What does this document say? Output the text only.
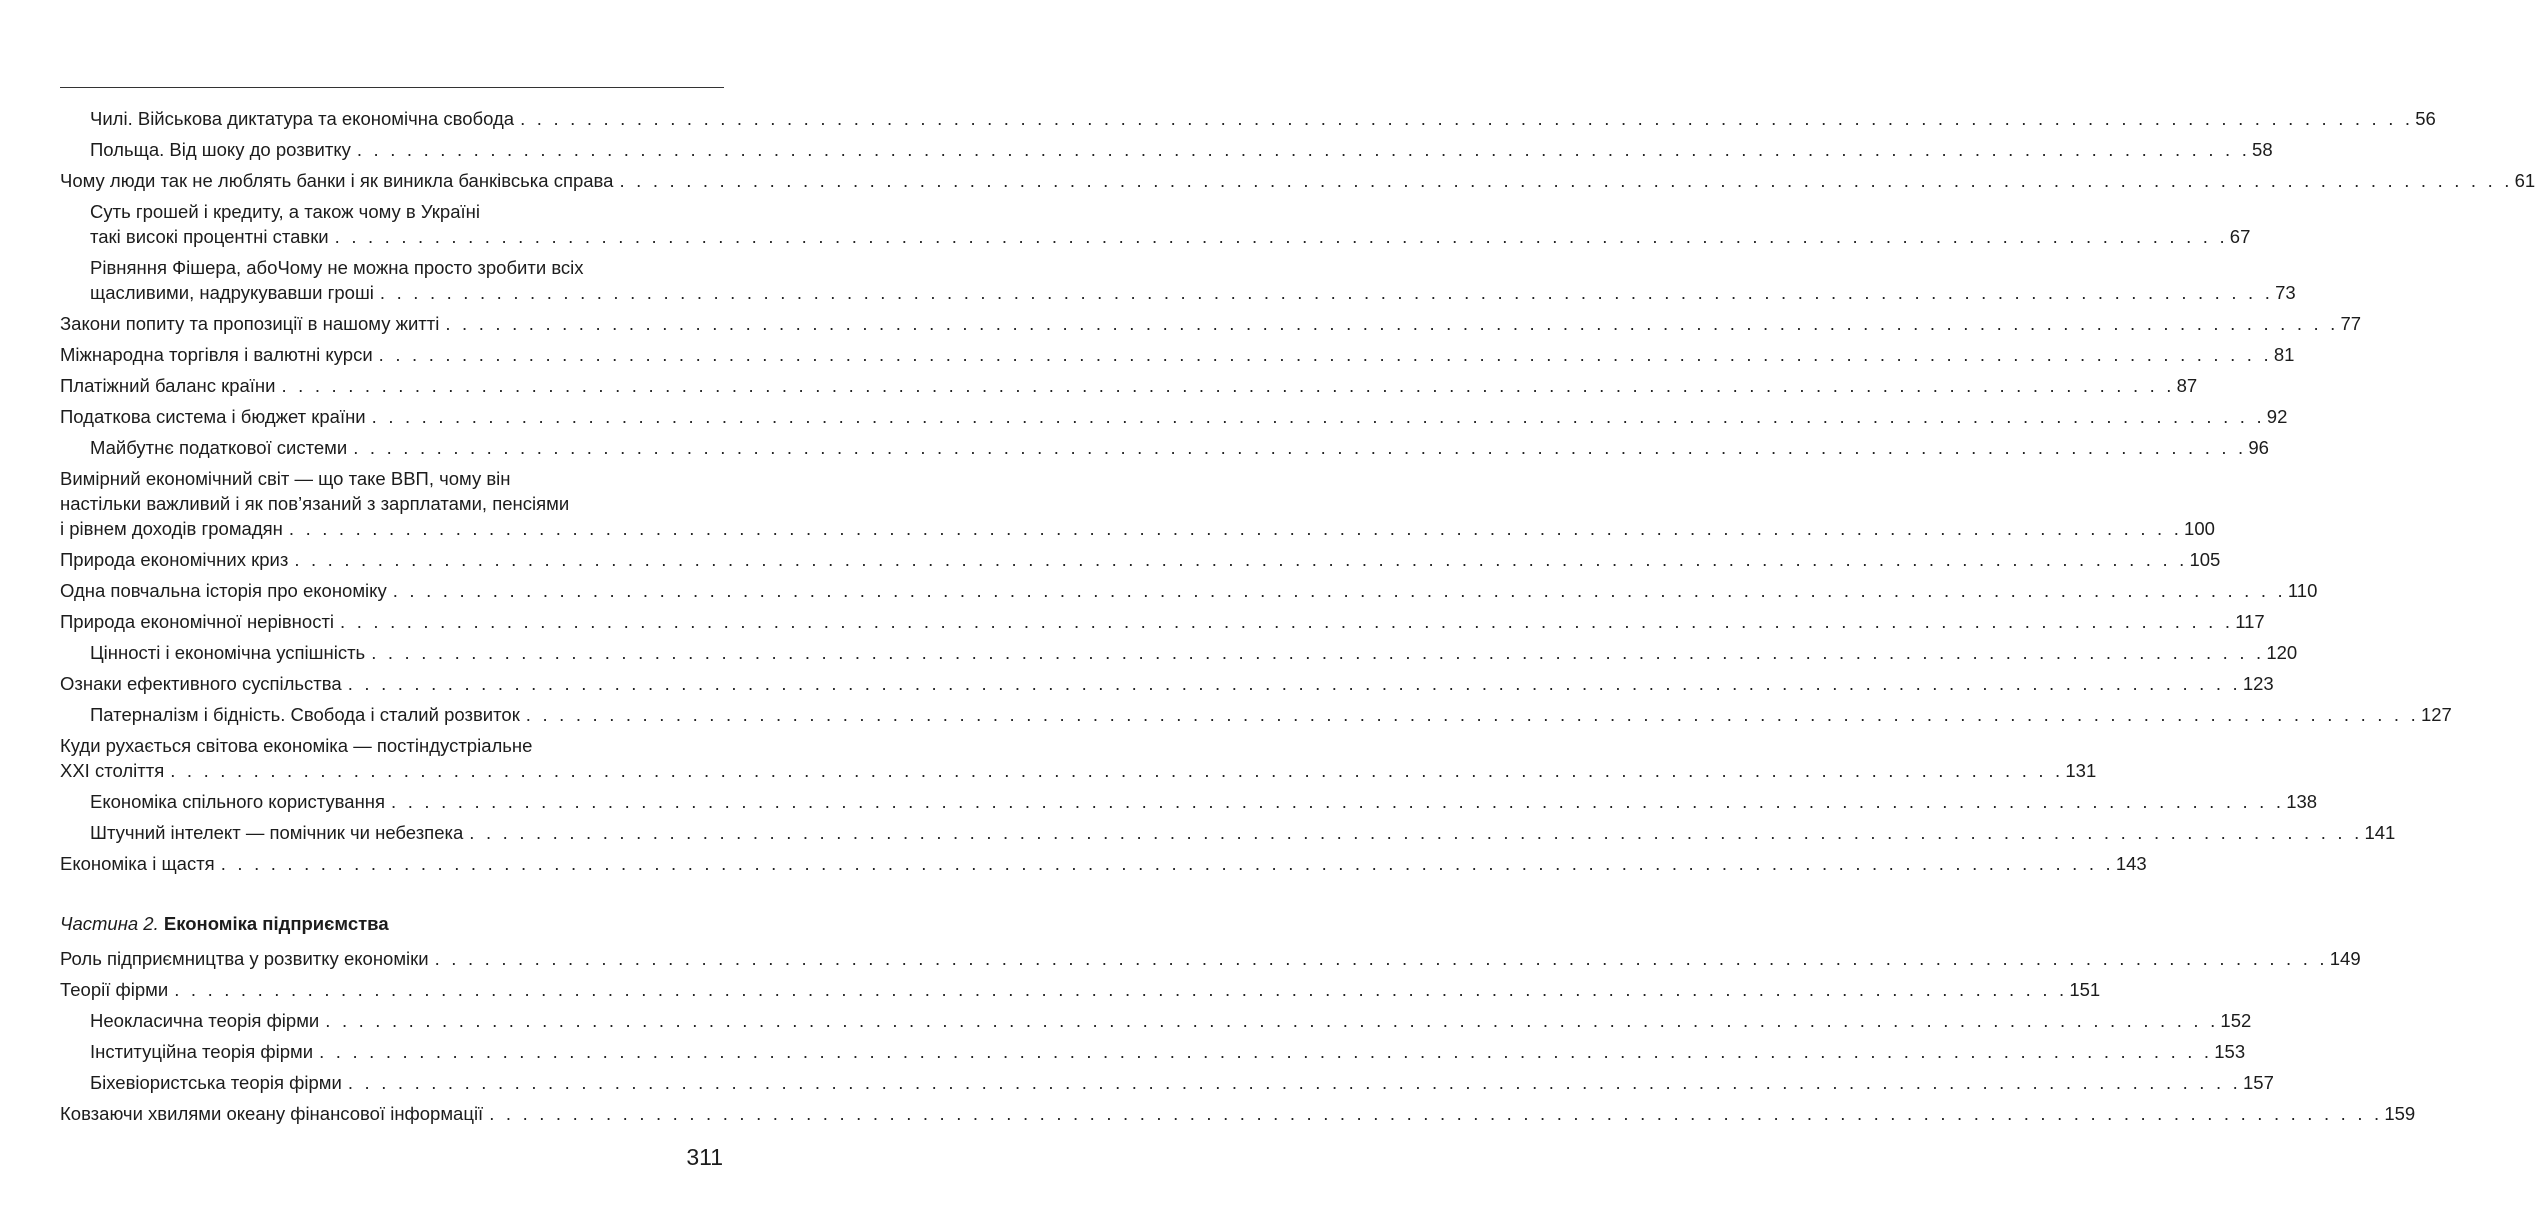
Чилі. Військова диктатура та економічна свобода . . .	56
Польща. Від шоку до розвитку . . .	58
Чому люди так не люблять банки і як виникла банківська справа . . .	61
Суть грошей і кредиту, а також чому в Україні
такі високі процентні ставки . . .	67
Рівняння Фішера, абоЧому не можна просто зробити всіх
щасливими, надрукувавши гроші . . .	73
Закони попиту та пропозиції в нашому житті . . .	77
Міжнародна торгівля і валютні курси . . .	81
Платіжний баланс країни . . .	87
Податкова система і бюджет країни . . .	92
Майбутнє податкової системи . . .	96
Вимірний економічний світ — що таке ВВП, чому він
настільки важливий і як пов’язаний з зарплатами, пенсіями
і рівнем доходів громадян . . .	100
Природа економічних криз . . .	105
Одна повчальна історія про економіку . . .	110
Природа економічної нерівності . . .	117
Цінності і економічна успішність . . .	120
Ознаки ефективного суспільства . . .	123
Патерналізм і бідність. Свобода і сталий розвиток . . .	127
Куди рухається світова економіка — постіндустріальне
XXI століття . . .	131
Економіка спільного користування . . .	138
Штучний інтелект — помічник чи небезпека . . .	141
Економіка і щастя . . .	143
Частина 2. Економіка підприємства
Роль підприємництва у розвитку економіки . . .	149
Теорії фірми . . .	151
Неокласична теорія фірми . . .	152
Інституційна теорія фірми . . .	153
Біхевіористська теорія фірми . . .	157
Ковзаючи хвилями океану фінансової інформації . . .	159
311
